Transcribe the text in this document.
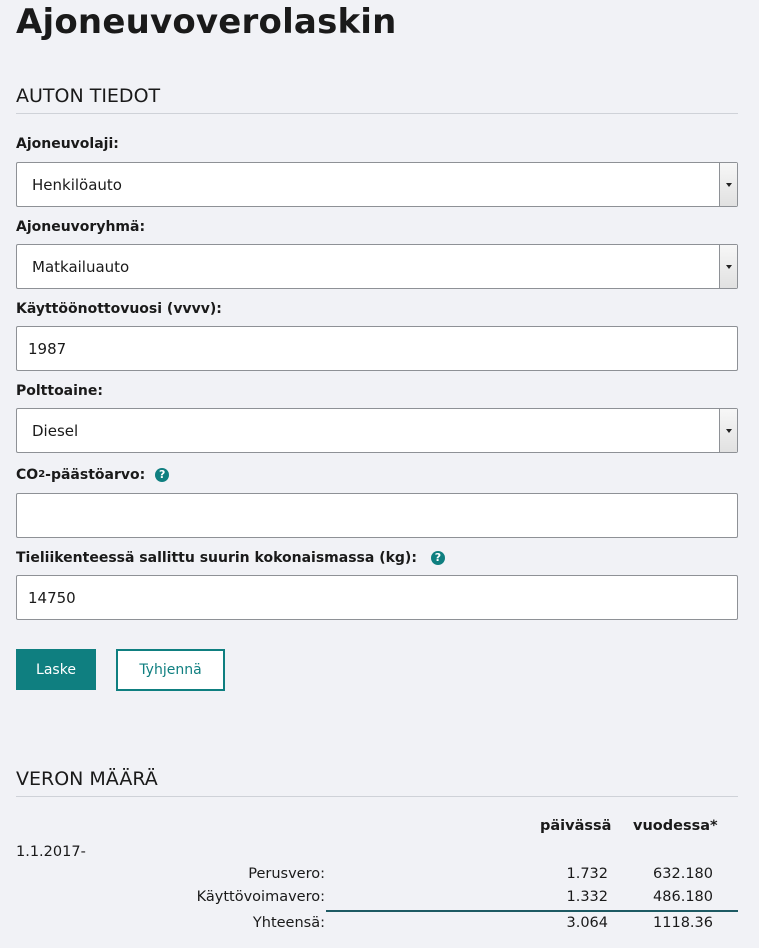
Ajoneuvoverolaskin
AUTON TIEDOT
Ajoneuvolaji:
Henkilöauto
Ajoneuvoryhmä:
Matkailuauto
Käyttöönottovuosi (vvvv):
1987
Polttoaine:
Diesel
$CO^2$ -päästöarvo:	?
Tieliikenteessä sallittu suurin kokonaismassa (kg):	?
14750
Laske	Tyhjennä
VERON MÄÄRÄ
päivässä vuodessa*
1.1.2017-
Perusvero:	1.732	632.180
Käyttövoimavero:	1.332	486.180
Yhteensä:	3.064	1118.36
